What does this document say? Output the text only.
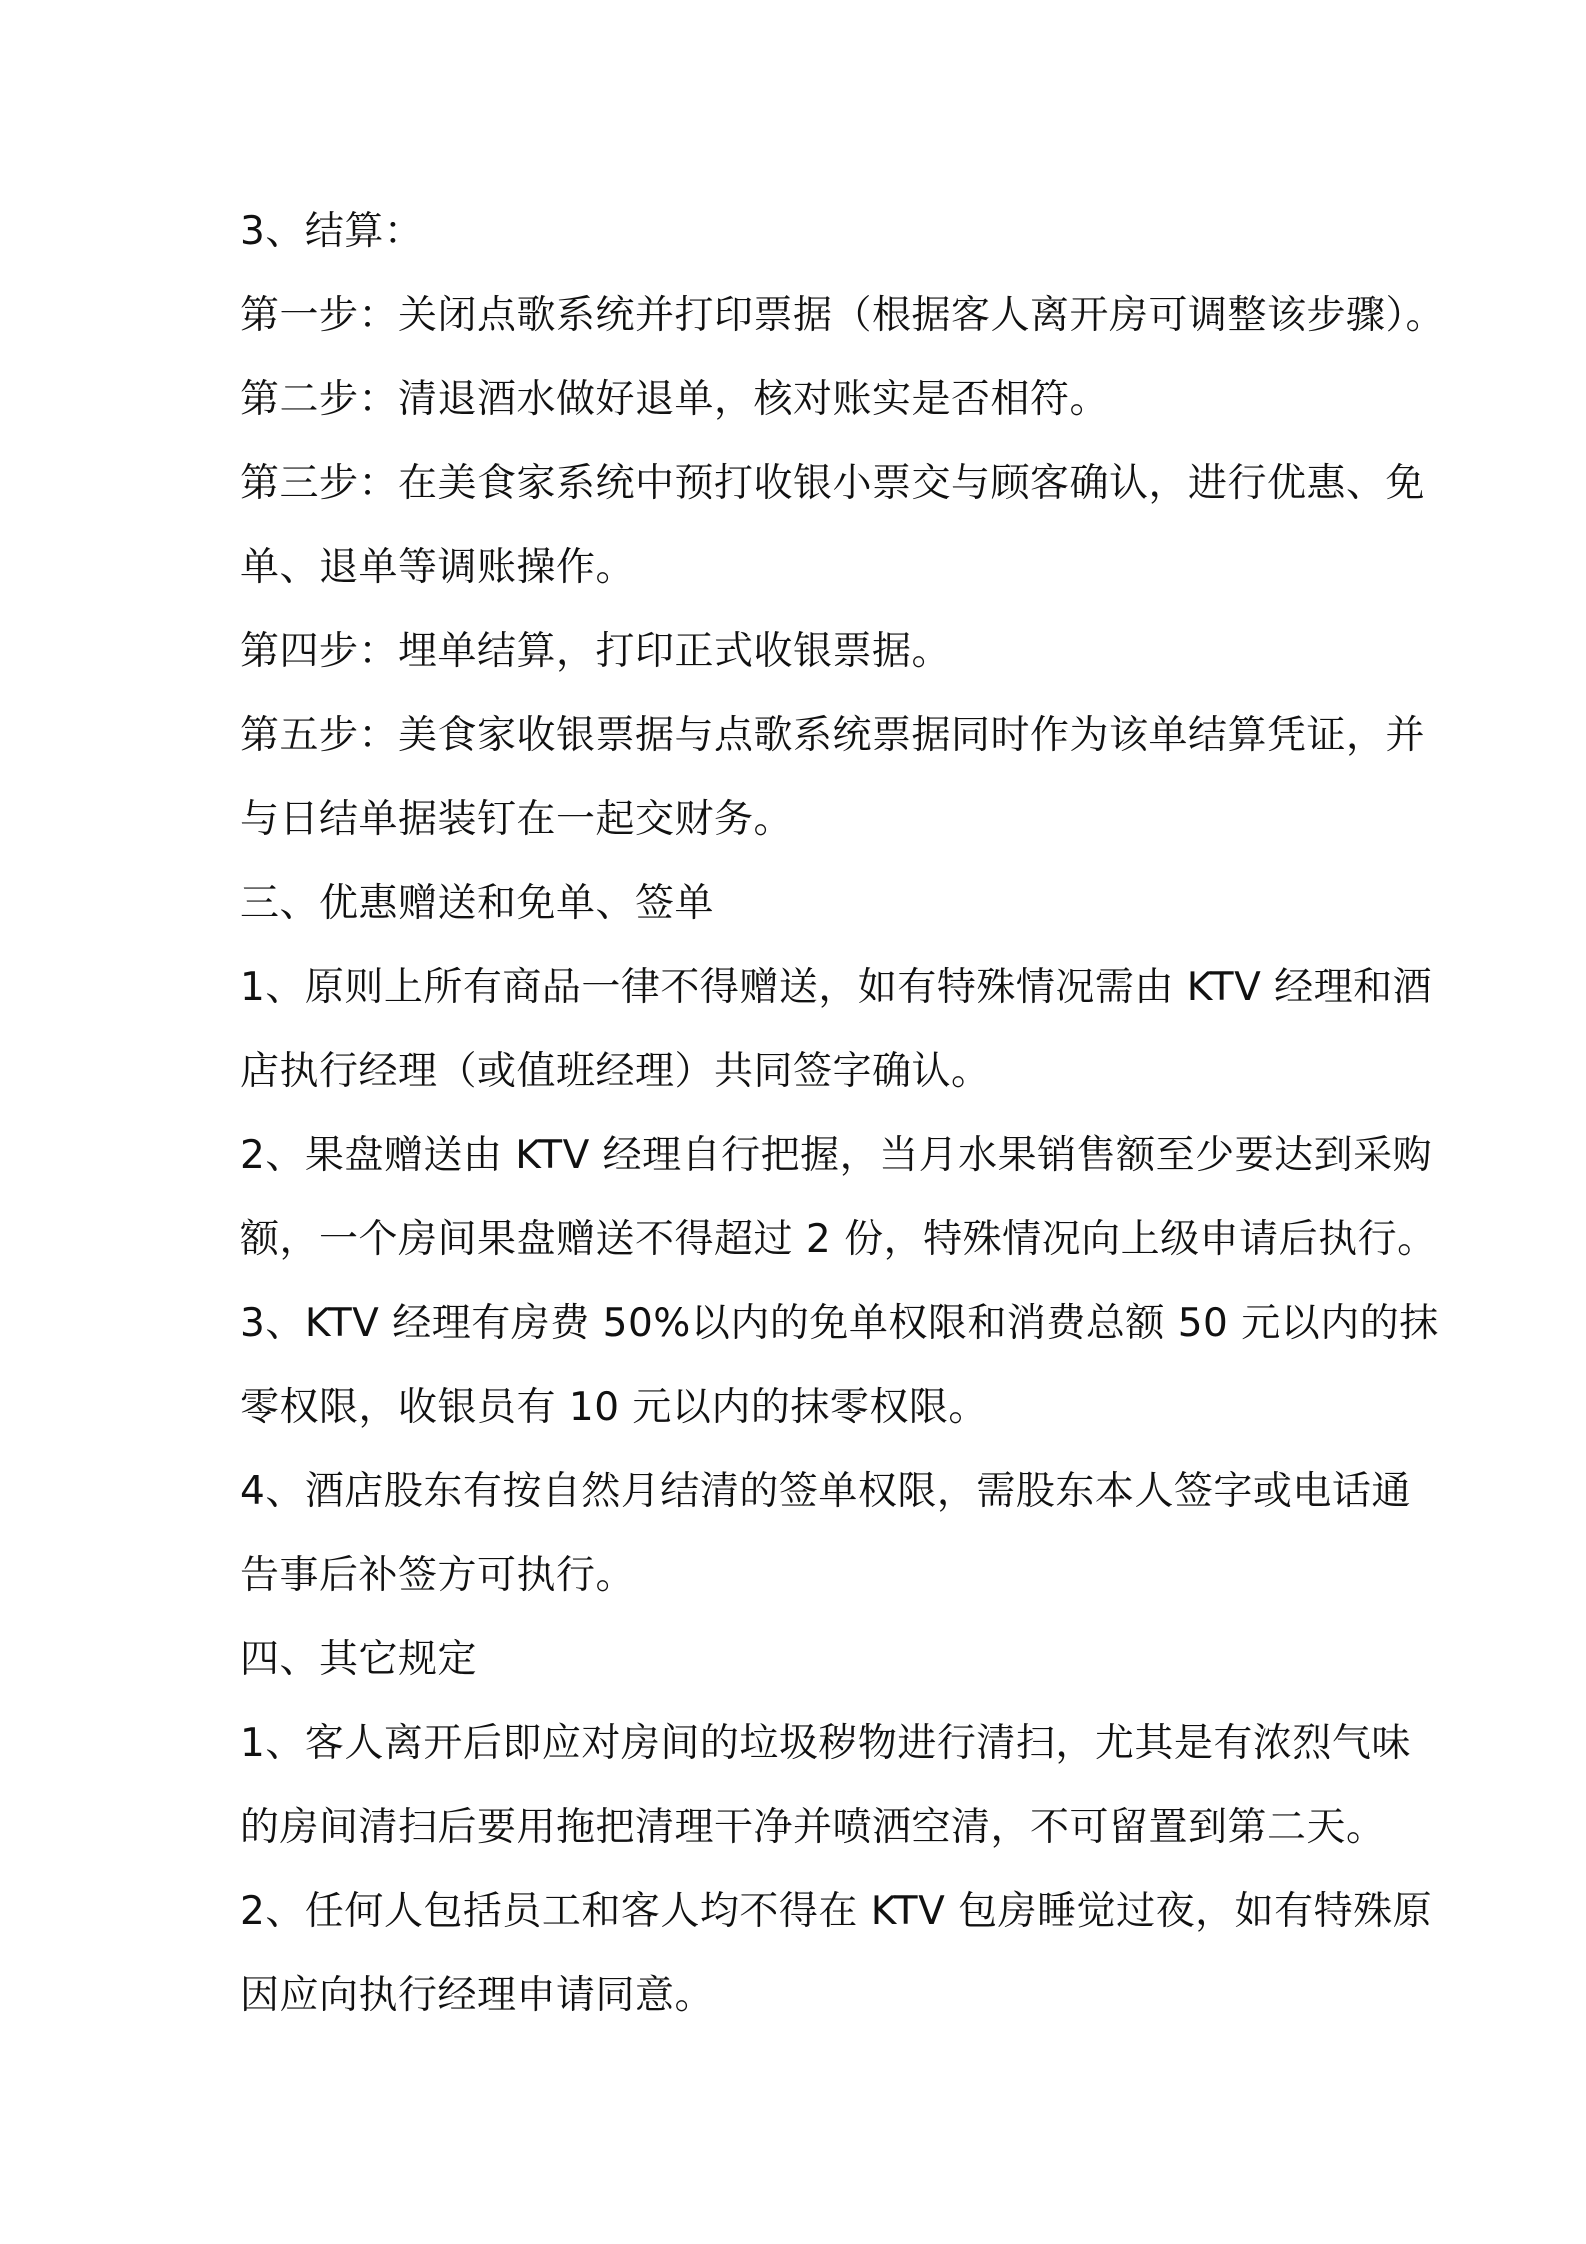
3、结算：
第一步：关闭点歌系统并打印票据（根据客人离开房可调整该步骤）。
第二步：清退酒水做好退单，核对账实是否相符。
第三步：在美食家系统中预打收银小票交与顾客确认，进行优惠、免
单、退单等调账操作。
第四步：埋单结算，打印正式收银票据。
第五步：美食家收银票据与点歌系统票据同时作为该单结算凭证，并
与日结单据装钉在一起交财务。
三、优惠赠送和免单、签单
1、原则上所有商品一律不得赠送，如有特殊情况需由 KTV 经理和酒
店执行经理（或值班经理）共同签字确认。
2、果盘赠送由 KTV 经理自行把握，当月水果销售额至少要达到采购
额，一个房间果盘赠送不得超过 2 份，特殊情况向上级申请后执行。
3、KTV 经理有房费 50%以内的免单权限和消费总额 50 元以内的抹
零权限，收银员有 10 元以内的抹零权限。
4、酒店股东有按自然月结清的签单权限，需股东本人签字或电话通
告事后补签方可执行。
四、其它规定
1、客人离开后即应对房间的垃圾秽物进行清扫，尤其是有浓烈气味
的房间清扫后要用拖把清理干净并喷洒空清，不可留置到第二天。
2、任何人包括员工和客人均不得在 KTV 包房睡觉过夜，如有特殊原
因应向执行经理申请同意。
